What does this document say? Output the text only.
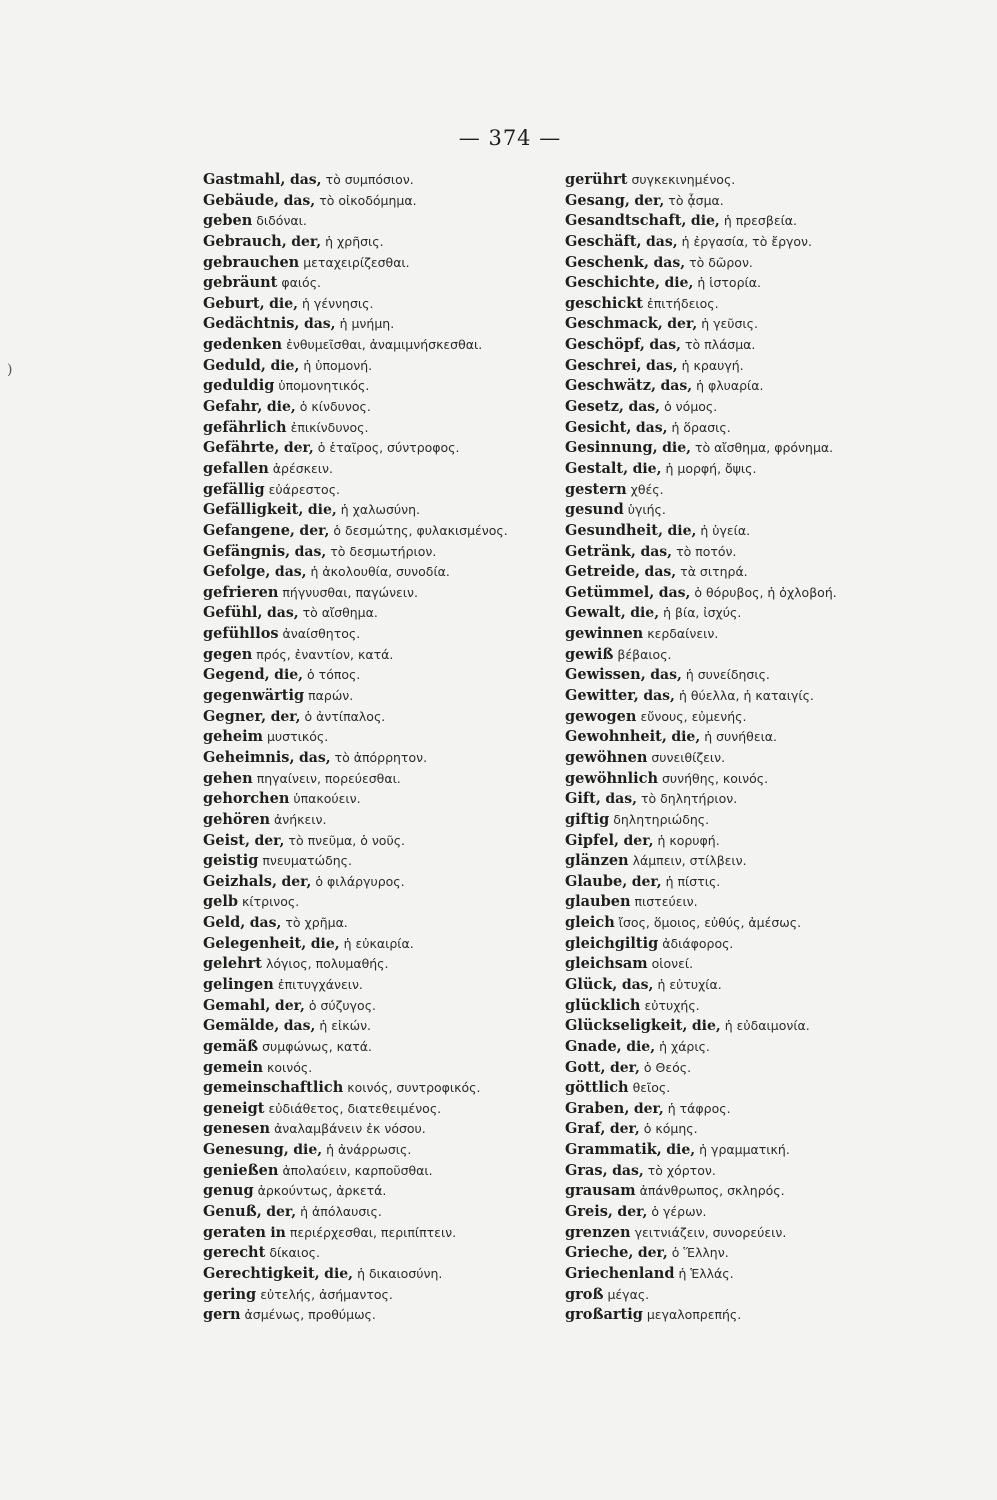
— 374 —
)
Gastmahl, das, τὸ συμπόσιον.
Gebäude, das, τὸ οἰκοδόμημα.
geben διδόναι.
Gebrauch, der, ἡ χρῆσις.
gebrauchen μεταχειρίζεσθαι.
gebräunt φαιός.
Geburt, die, ἡ γέννησις.
Gedächtnis, das, ἡ μνήμη.
gedenken ἐνθυμεῖσθαι, ἀναμιμνήσκεσθαι.
Geduld, die, ἡ ὑπομονή.
geduldig ὑπομονητικός.
Gefahr, die, ὁ κίνδυνος.
gefährlich ἐπικίνδυνος.
Gefährte, der, ὁ ἑταῖρος, σύντροφος.
gefallen ἀρέσκειν.
gefällig εὐάρεστος.
Gefälligkeit, die, ἡ χαλωσύνη.
Gefangene, der, ὁ δεσμώτης, φυλακισμένος.
Gefängnis, das, τὸ δεσμωτήριον.
Gefolge, das, ἡ ἀκολουθία, συνοδία.
gefrieren πήγνυσθαι, παγώνειν.
Gefühl, das, τὸ αἴσθημα.
gefühllos ἀναίσθητος.
gegen πρός, ἐναντίον, κατά.
Gegend, die, ὁ τόπος.
gegenwärtig παρών.
Gegner, der, ὁ ἀντίπαλος.
geheim μυστικός.
Geheimnis, das, τὸ ἀπόρρητον.
gehen πηγαίνειν, πορεύεσθαι.
gehorchen ὑπακούειν.
gehören ἀνήκειν.
Geist, der, τὸ πνεῦμα, ὁ νοῦς.
geistig πνευματώδης.
Geizhals, der, ὁ φιλάργυρος.
gelb κίτρινος.
Geld, das, τὸ χρῆμα.
Gelegenheit, die, ἡ εὐκαιρία.
gelehrt λόγιος, πολυμαθής.
gelingen ἐπιτυγχάνειν.
Gemahl, der, ὁ σύζυγος.
Gemälde, das, ἡ εἰκών.
gemäß συμφώνως, κατά.
gemein κοινός.
gemeinschaftlich κοινός, συντροφικός.
geneigt εὐδιάθετος, διατεθειμένος.
genesen ἀναλαμβάνειν ἐκ νόσου.
Genesung, die, ἡ ἀνάρρωσις.
genießen ἀπολαύειν, καρποῦσθαι.
genug ἀρκούντως, ἀρκετά.
Genuß, der, ἡ ἀπόλαυσις.
geraten in περιέρχεσθαι, περιπίπτειν.
gerecht δίκαιος.
Gerechtigkeit, die, ἡ δικαιοσύνη.
gering εὐτελής, ἀσήμαντος.
gern ἀσμένως, προθύμως.
gerührt συγκεκινημένος.
Gesang, der, τὸ ᾆσμα.
Gesandtschaft, die, ἡ πρεσβεία.
Geschäft, das, ἡ ἐργασία, τὸ ἔργον.
Geschenk, das, τὸ δῶρον.
Geschichte, die, ἡ ἱστορία.
geschickt ἐπιτήδειος.
Geschmack, der, ἡ γεῦσις.
Geschöpf, das, τὸ πλάσμα.
Geschrei, das, ἡ κραυγή.
Geschwätz, das, ἡ φλυαρία.
Gesetz, das, ὁ νόμος.
Gesicht, das, ἡ ὅρασις.
Gesinnung, die, τὸ αἴσθημα, φρόνημα.
Gestalt, die, ἡ μορφή, ὄψις.
gestern χθές.
gesund ὑγιής.
Gesundheit, die, ἡ ὑγεία.
Getränk, das, τὸ ποτόν.
Getreide, das, τὰ σιτηρά.
Getümmel, das, ὁ θόρυβος, ἡ ὀχλοβοή.
Gewalt, die, ἡ βία, ἰσχύς.
gewinnen κερδαίνειν.
gewiß βέβαιος.
Gewissen, das, ἡ συνείδησις.
Gewitter, das, ἡ θύελλα, ἡ καταιγίς.
gewogen εὔνους, εὐμενής.
Gewohnheit, die, ἡ συνήθεια.
gewöhnen συνειθίζειν.
gewöhnlich συνήθης, κοινός.
Gift, das, τὸ δηλητήριον.
giftig δηλητηριώδης.
Gipfel, der, ἡ κορυφή.
glänzen λάμπειν, στίλβειν.
Glaube, der, ἡ πίστις.
glauben πιστεύειν.
gleich ἴσος, ὅμοιος, εὐθύς, ἀμέσως.
gleichgiltig ἀδιάφορος.
gleichsam οἱονεί.
Glück, das, ἡ εὐτυχία.
glücklich εὐτυχής.
Glückseligkeit, die, ἡ εὐδαιμονία.
Gnade, die, ἡ χάρις.
Gott, der, ὁ Θεός.
göttlich θεῖος.
Graben, der, ἡ τάφρος.
Graf, der, ὁ κόμης.
Grammatik, die, ἡ γραμματική.
Gras, das, τὸ χόρτον.
grausam ἀπάνθρωπος, σκληρός.
Greis, der, ὁ γέρων.
grenzen γειτνιάζειν, συνορεύειν.
Grieche, der, ὁ Ἕλλην.
Griechenland ἡ Ἑλλάς.
groß μέγας.
großartig μεγαλοπρεπής.
